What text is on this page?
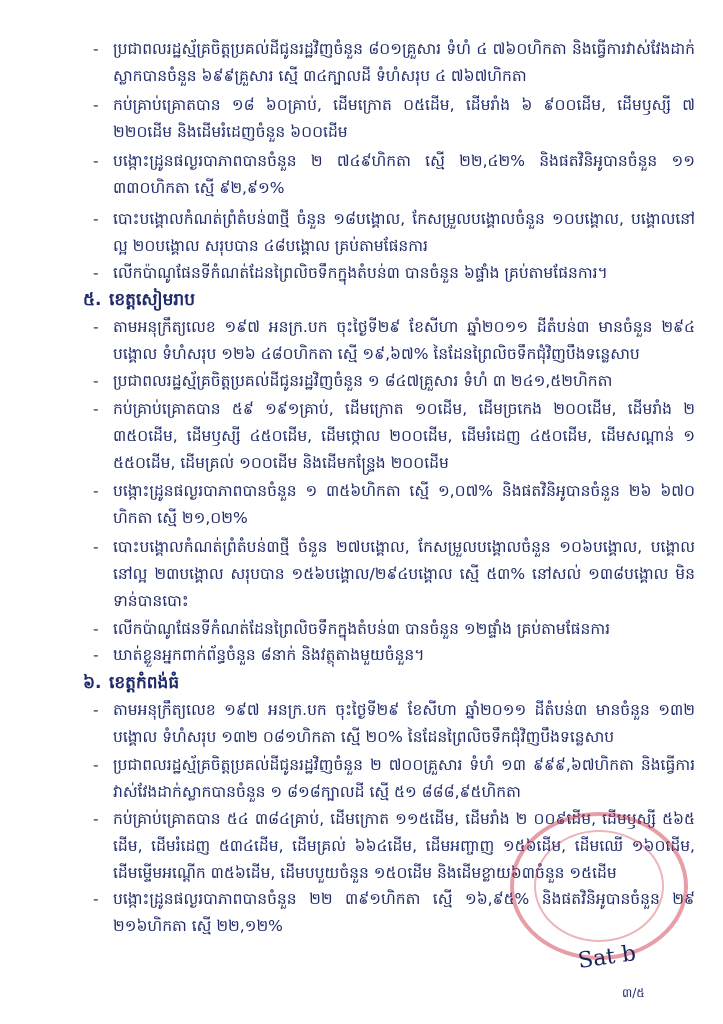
- ប្រជាពលរដ្ឋស្ម័គ្រចិត្តប្រគល់ដីជូនរដ្ឋវិញចំនួន ៨០១គ្រួសារ ទំហំ ៤ ៧៦០ហិកតា និងធ្វើការវាស់វែងដាក់ស្លាកបានចំនួន ៦៩៩គ្រួសារ ស្មើ ៣៤ក្បាលដី ទំហំសរុប ៤ ៧៦៧ហិកតា
- កប់គ្រាប់គ្រោតបាន ១៨ ៦០គ្រាប់, ដើមក្រោត ០៥ដើម, ដើមរាំង ៦ ៩០០ដើម, ដើមឫស្សី ៧ ២២០ដើម និងដើមរំដេញចំនួន ៦០០ដើម
- បង្កោះដ្រូនផល្ងរបាភាពបានចំនួន ២ ៧៤៩ហិកតា ស្មើ ២២,៤២% និងផតវិនិអូបានចំនួន ១១ ៣៣០ហិកតា ស្មើ ៩២,៩១%
- បោះបង្គោលកំណត់ព្រំតំបន់៣ថ្មី ចំនួន ១៨បង្គោល, កែសម្រួលបង្គោលចំនួន ១០បង្គោល, បង្គោលនៅល្អ ២០បង្គោល សរុបបាន ៤៨បង្គោល គ្រប់តាមផែនការ
- លើកប៉ាណូផែនទីកំណត់ដែនព្រៃលិចទឹកក្នុងតំបន់៣ បានចំនួន ៦ផ្ទាំង គ្រប់តាមផែនការ។
៥. ខេត្តសៀមរាប
- តាមអនុក្រឹត្យលេខ ១៩៧ អនក្រ.បក ចុះថ្ងៃទី២៩ ខែសីហា ឆ្នាំ២០១១ ដីតំបន់៣ មានចំនួន ២៩៤ បង្គោល ទំហំសរុប ១២៦ ៤៨០ហិកតា ស្មើ ១៩,៦៧% នៃដែនព្រៃលិចទឹកជុំវិញបឹងទន្លេសាប
- ប្រជាពលរដ្ឋស្ម័គ្រចិត្តប្រគល់ដីជូនរដ្ឋវិញចំនួន ១ ៨៤៧គ្រួសារ ទំហំ ៣ ២៤១,៥២ហិកតា
- កប់គ្រាប់គ្រោតបាន ៥៩ ១៩១គ្រាប់, ដើមក្រោត ១០ដើម, ដើមច្រកេង ២០០ដើម, ដើមរាំង ២ ៣៥០ដើម, ដើមឫស្សី ៤៥០ដើម, ដើមថ្កោល ២០០ដើម, ដើមរំដេញ ៤៥០ដើម, ដើមសណ្តាន់ ១ ៥៥០ដើម, ដើមគ្រល់ ១០០ដើម និងដើមកន្ទ្រែង ២០០ដើម
- បង្កោះដ្រូនផល្ងរបាភាពបានចំនួន ១ ៣៥៦ហិកតា ស្មើ ១,០៧% និងផតវិនិអូបានចំនួន ២៦ ៦៧០ ហិកតា ស្មើ ២១,០២%
- បោះបង្គោលកំណត់ព្រំតំបន់៣ថ្មី ចំនួន ២៧បង្គោល, កែសម្រួលបង្គោលចំនួន ១០៦បង្គោល, បង្គោលនៅល្អ ២៣បង្គោល សរុបបាន ១៥៦បង្គោល/២៩៤បង្គោល ស្មើ ៥៣% នៅសល់ ១៣៨បង្គោល មិនទាន់បានបោះ
- លើកប៉ាណូផែនទីកំណត់ដែនព្រៃលិចទឹកក្នុងតំបន់៣ បានចំនួន ១២ផ្ទាំង គ្រប់តាមផែនការ
- ឃាត់ខ្លួនអ្នកពាក់ព័ន្ធចំនួន ៨នាក់ និងវត្ថុតាងមួយចំនួន។
៦. ខេត្តកំពង់ធំ
- តាមអនុក្រឹត្យលេខ ១៩៧ អនក្រ.បក ចុះថ្ងៃទី២៩ ខែសីហា ឆ្នាំ២០១១ ដីតំបន់៣ មានចំនួន ១៣២ បង្គោល ទំហំសរុប ១៣២ ០៨១ហិកតា ស្មើ ២០% នៃដែនព្រៃលិចទឹកជុំវិញបឹងទន្លេសាប
- ប្រជាពលរដ្ឋស្ម័គ្រចិត្តប្រគល់ដីជូនរដ្ឋវិញចំនួន ២ ៧០០គ្រួសារ ទំហំ ១៣ ៩៩៩,៦៧ហិកតា និងធ្វើការវាស់វែងដាក់ស្លាកបានចំនួន ១ ៨១៨ក្បាលដី ស្មើ ៥១ ៨៨៨,៩៥ហិកតា
- កប់គ្រាប់គ្រោតបាន ៥៤ ៣៨៤គ្រាប់, ដើមក្រោត ១១៥ដើម, ដើមរាំង ២ ០០៩ដើម, ដើមឫស្សី ៥៦៥ ដើម, ដើមរំដេញ ៥៣៤ដើម, ដើមគ្រល់ ៦៦៤ដើម, ដើមអញ្ចាញ ១៥៦ដើម, ដើមឈើ ១៦០ដើម, ដើមម្ទើមអណ្តើក ៣៥៦ដើម, ដើមបបួយចំនួន ១៥០ដើម និងដើមខ្លាយ៦៣ចំនួន ១៥ដើម
- បង្កោះដ្រូនផល្ងរបាភាពបានចំនួន ២២ ៣៩១ហិកតា ស្មើ ១៦,៩៥% និងផតវិនិអូបានចំនួន ២៩ ២១៦ហិកតា ស្មើ ២២,១២%
Sat b
៣/៥
